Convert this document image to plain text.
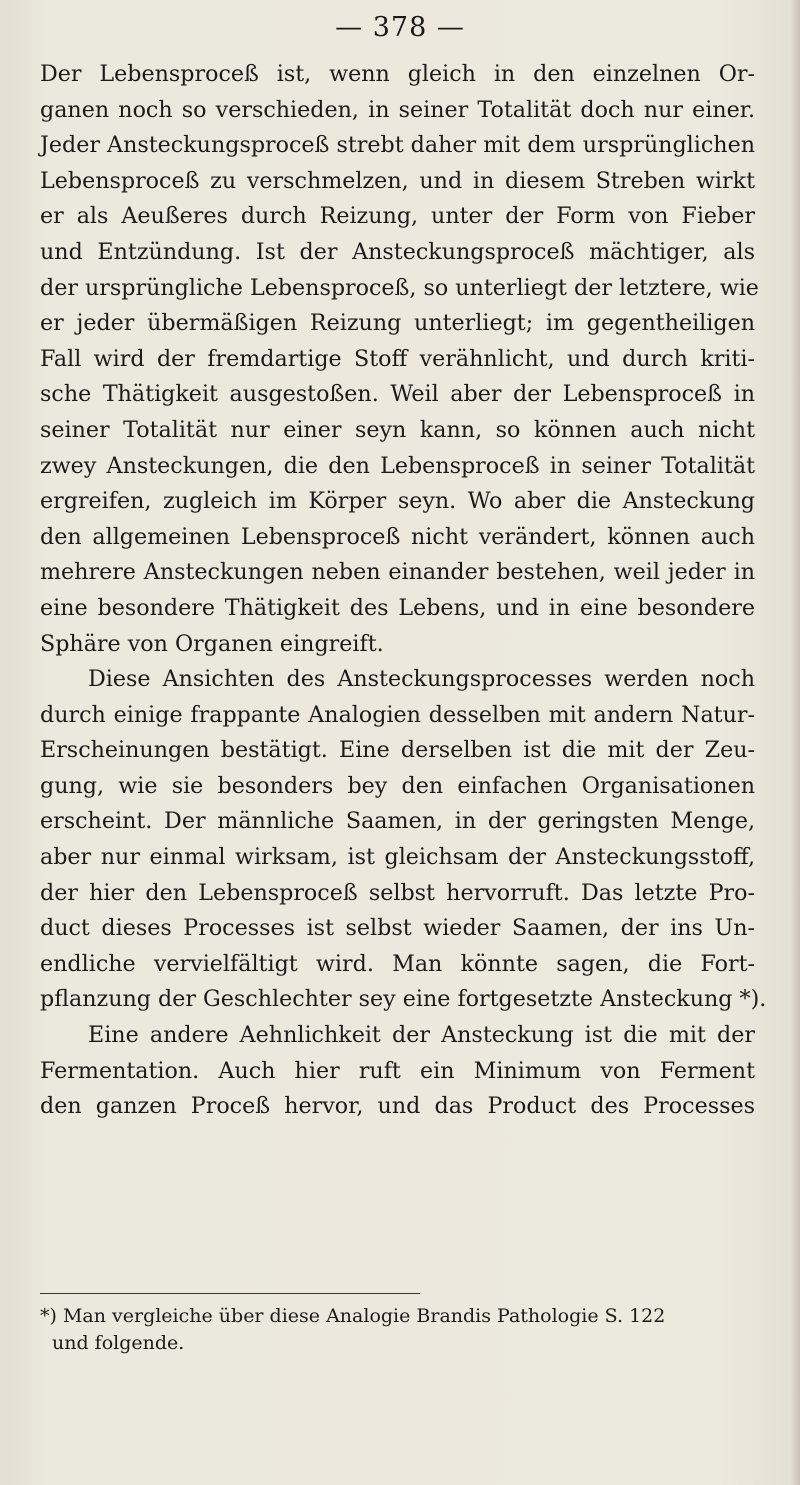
— 378 —
Der Lebensproceß ist, wenn gleich in den einzelnen Or-
ganen noch so verschieden, in seiner Totalität doch nur einer.
Jeder Ansteckungsproceß strebt daher mit dem ursprünglichen
Lebensproceß zu verschmelzen, und in diesem Streben wirkt
er als Aeußeres durch Reizung, unter der Form von Fieber
und Entzündung. Ist der Ansteckungsproceß mächtiger, als
der ursprüngliche Lebensproceß, so unterliegt der letztere, wie
er jeder übermäßigen Reizung unterliegt; im gegentheiligen
Fall wird der fremdartige Stoff verähnlicht, und durch kriti-
sche Thätigkeit ausgestoßen. Weil aber der Lebensproceß in
seiner Totalität nur einer seyn kann, so können auch nicht
zwey Ansteckungen, die den Lebensproceß in seiner Totalität
ergreifen, zugleich im Körper seyn. Wo aber die Ansteckung
den allgemeinen Lebensproceß nicht verändert, können auch
mehrere Ansteckungen neben einander bestehen, weil jeder in
eine besondere Thätigkeit des Lebens, und in eine besondere
Sphäre von Organen eingreift.
Diese Ansichten des Ansteckungsprocesses werden noch
durch einige frappante Analogien desselben mit andern Natur-
Erscheinungen bestätigt. Eine derselben ist die mit der Zeu-
gung, wie sie besonders bey den einfachen Organisationen
erscheint. Der männliche Saamen, in der geringsten Menge,
aber nur einmal wirksam, ist gleichsam der Ansteckungsstoff,
der hier den Lebensproceß selbst hervorruft. Das letzte Pro-
duct dieses Processes ist selbst wieder Saamen, der ins Un-
endliche vervielfältigt wird. Man könnte sagen, die Fort-
pflanzung der Geschlechter sey eine fortgesetzte Ansteckung *).
Eine andere Aehnlichkeit der Ansteckung ist die mit der
Fermentation. Auch hier ruft ein Minimum von Ferment
den ganzen Proceß hervor, und das Product des Processes
*) Man vergleiche über diese Analogie Brandis Pathologie S. 122
und folgende.
